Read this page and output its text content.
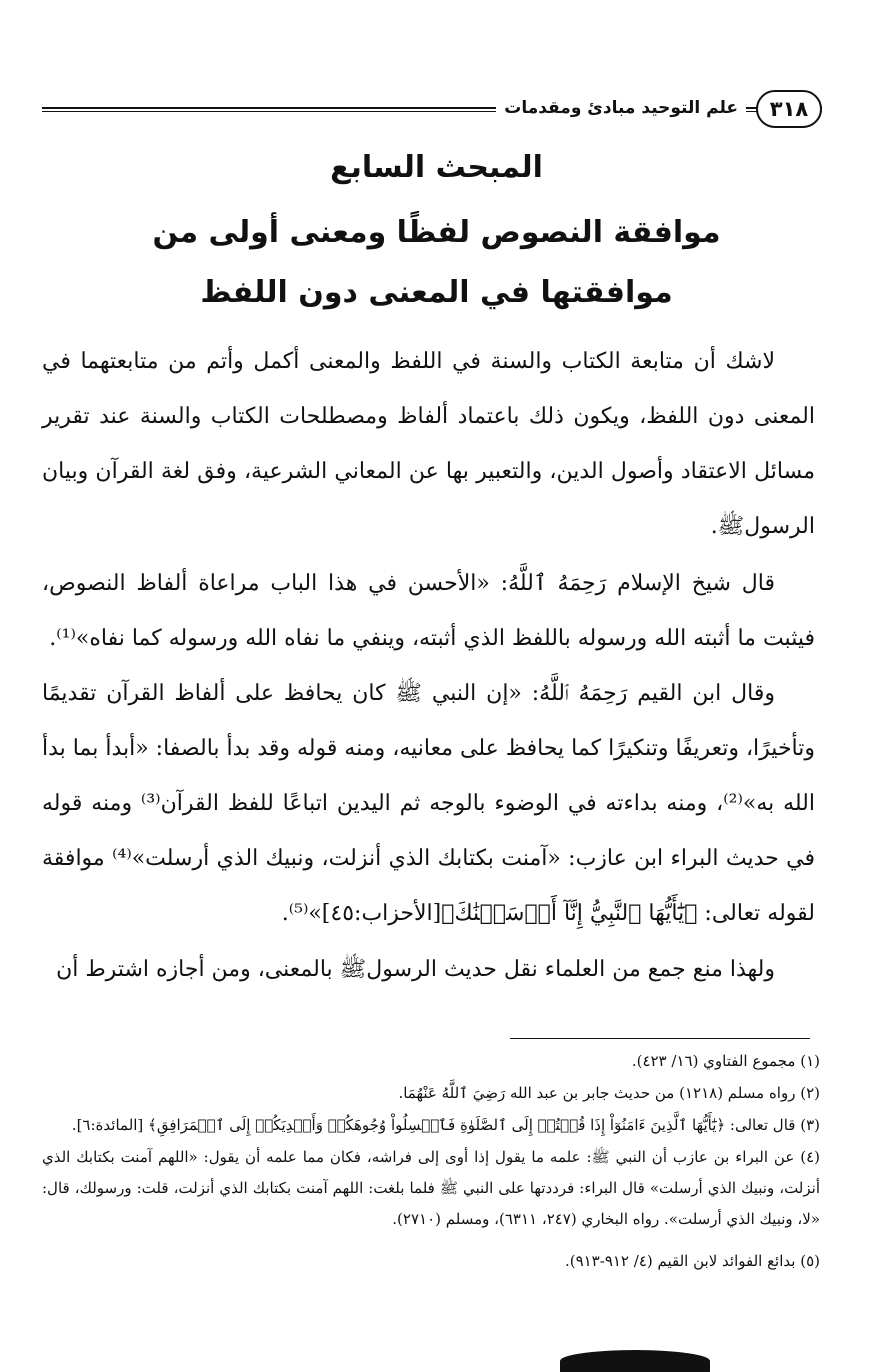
٣١٨
علم التوحيد مبادئ ومقدمات
المبحث السابع
موافقة النصوص لفظًا ومعنى أولى من
موافقتها في المعنى دون اللفظ
لاشك أن متابعة الكتاب والسنة في اللفظ والمعنى أكمل وأتم من متابعتهما في المعنى دون اللفظ، ويكون ذلك باعتماد ألفاظ ومصطلحات الكتاب والسنة عند تقرير مسائل الاعتقاد وأصول الدين، والتعبير بها عن المعاني الشرعية، وفق لغة القرآن وبيان الرسولﷺ.
قال شيخ الإسلام رَحِمَهُ ٱللَّهُ: «الأحسن في هذا الباب مراعاة ألفاظ النصوص، فيثبت ما أثبته الله ورسوله باللفظ الذي أثبته، وينفي ما نفاه الله ورسوله كما نفاه»⁽¹⁾.
وقال ابن القيم رَحِمَهُ ٱللَّهُ: «إن النبي ﷺ كان يحافظ على ألفاظ القرآن تقديمًا وتأخيرًا، وتعريفًا وتنكيرًا كما يحافظ على معانيه، ومنه قوله وقد بدأ بالصفا: «أبدأ بما بدأ الله به»⁽²⁾، ومنه بداءته في الوضوء بالوجه ثم اليدين اتباعًا للفظ القرآن⁽³⁾ ومنه قوله في حديث البراء ابن عازب: «آمنت بكتابك الذي أنزلت، ونبيك الذي أرسلت»⁽⁴⁾ موافقة لقوله تعالى: ﴿يَٰٓأَيُّهَا ٱلنَّبِيُّ إِنَّآ أَرۡسَلۡنَٰكَ﴾[الأحزاب:٤٥]»⁽⁵⁾.
ولهذا منع جمع من العلماء نقل حديث الرسولﷺ بالمعنى، ومن أجازه اشترط أن
(١) مجموع الفتاوي (١٦/ ٤٢٣).
(٢) رواه مسلم (١٢١٨) من حديث جابر بن عبد الله رَضِيَ ٱللَّهُ عَنْهُمَا.
(٣) قال تعالى: ﴿يَٰٓأَيُّهَا ٱلَّذِينَ ءَامَنُوٓاْ إِذَا قُمۡتُمۡ إِلَى ٱلصَّلَوٰةِ فَٱغۡسِلُواْ وُجُوهَكُمۡ وَأَيۡدِيَكُمۡ إِلَى ٱلۡمَرَافِقِ﴾ [المائدة:٦].
(٤) عن البراء بن عازب أن النبي ﷺ: علمه ما يقول إذا أوى إلى فراشه، فكان مما علمه أن يقول: «اللهم آمنت بكتابك الذي أنزلت، ونبيك الذي أرسلت» قال البراء: فرددتها على النبي ﷺ فلما بلغت: اللهم آمنت بكتابك الذي أنزلت، قلت: ورسولك، قال: «لا، ونبيك الذي أرسلت». رواه البخاري (٢٤٧، ٦٣١١)، ومسلم (٢٧١٠).
(٥) بدائع الفوائد لابن القيم (٤/ ٩١٢-٩١٣).
